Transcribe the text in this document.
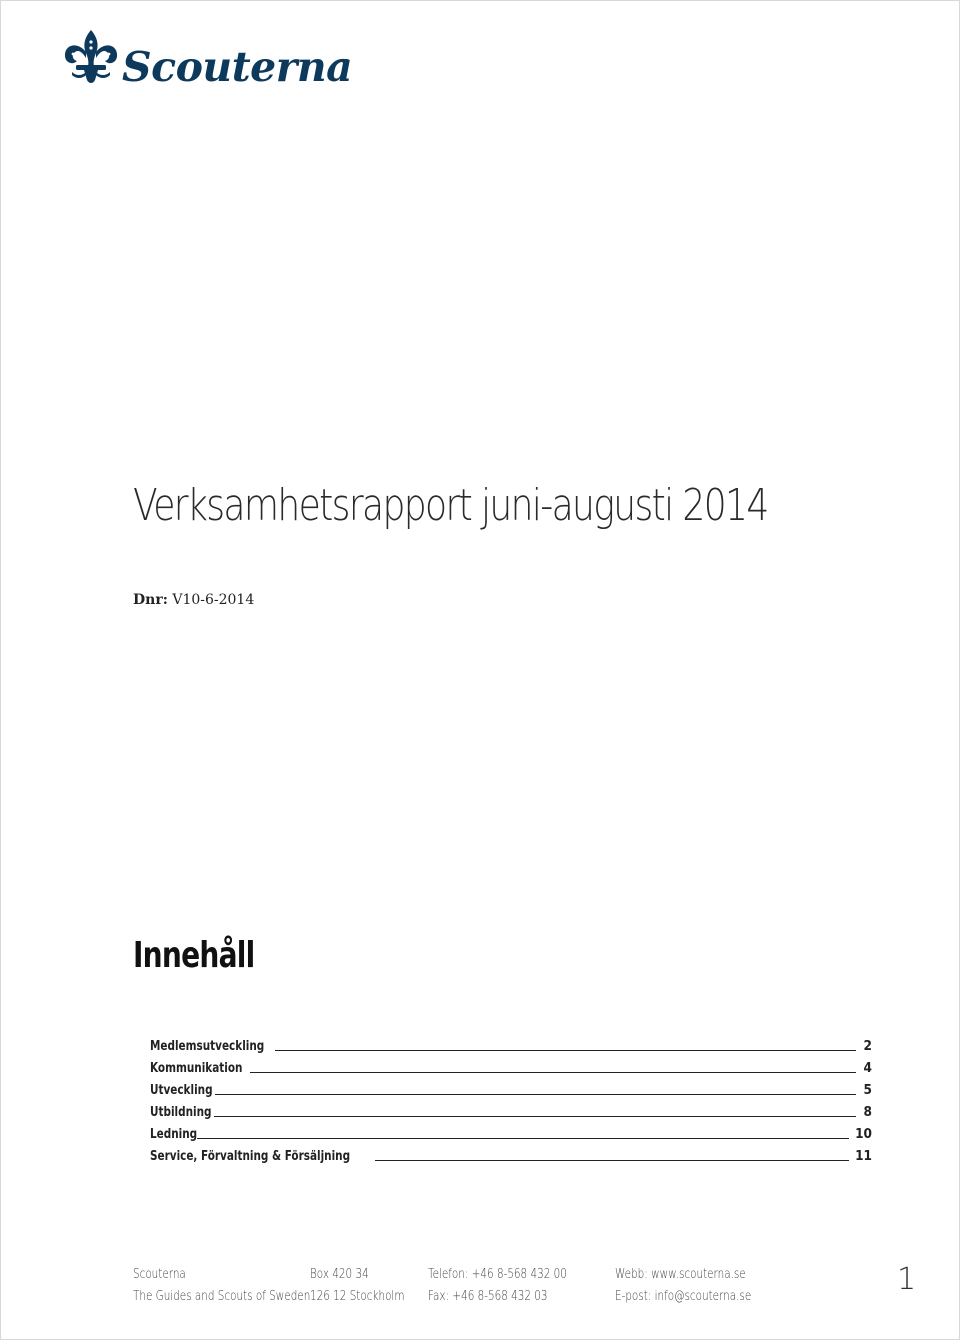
Scouterna
Verksamhetsrapport juni-augusti 2014
Dnr: V10-6-2014
Innehåll
Medlemsutveckling	2
Kommunikation	4
Utveckling	5
Utbildning	8
Ledning	10
Service, Förvaltning & Försäljning	11
Scouterna
The Guides and Scouts of Sweden
Box 420 34
126 12 Stockholm
Telefon: +46 8-568 432 00
Fax: +46 8-568 432 03
Webb: www.scouterna.se
E-post: info@scouterna.se	1
